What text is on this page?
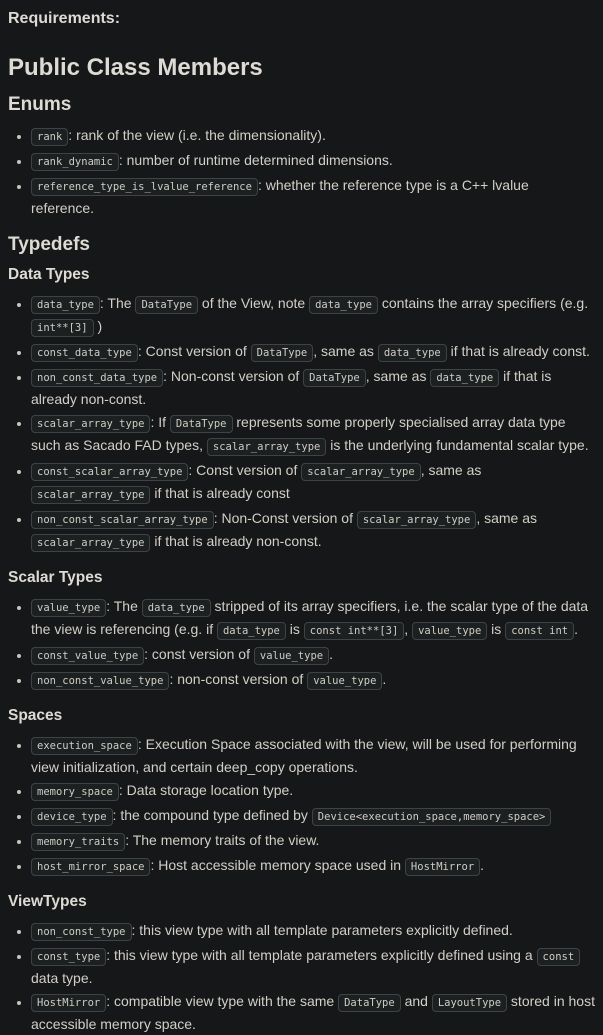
Requirements:

Public Class Members
Enums
• rank : rank of the view (i.e. the dimensionality).
• rank_dynamic : number of runtime determined dimensions.
• reference_type_is_lvalue_reference : whether the reference type is a C++ lvalue reference.
Typedefs
Data Types
• data_type : The DataType of the View, note data_type contains the array specifiers (e.g. int**[3] )
• const_data_type : Const version of DataType , same as data_type if that is already const.
• non_const_data_type : Non-const version of DataType , same as data_type if that is already non-const.
• scalar_array_type : If DataType represents some properly specialised array data type such as Sacado FAD types, scalar_array_type is the underlying fundamental scalar type.
• const_scalar_array_type : Const version of scalar_array_type , same as scalar_array_type if that is already const
• non_const_scalar_array_type : Non-Const version of scalar_array_type , same as scalar_array_type if that is already non-const.
Scalar Types
• value_type : The data_type stripped of its array specifiers, i.e. the scalar type of the data the view is referencing (e.g. if data_type is const int**[3] , value_type is const int .
• const_value_type : const version of value_type .
• non_const_value_type : non-const version of value_type .
Spaces
• execution_space : Execution Space associated with the view, will be used for performing view initialization, and certain deep_copy operations.
• memory_space : Data storage location type.
• device_type : the compound type defined by Device<execution_space,memory_space>
• memory_traits : The memory traits of the view.
• host_mirror_space : Host accessible memory space used in HostMirror .
ViewTypes
• non_const_type : this view type with all template parameters explicitly defined.
• const_type : this view type with all template parameters explicitly defined using a const data type.
• HostMirror : compatible view type with the same DataType and LayoutType stored in host accessible memory space.
